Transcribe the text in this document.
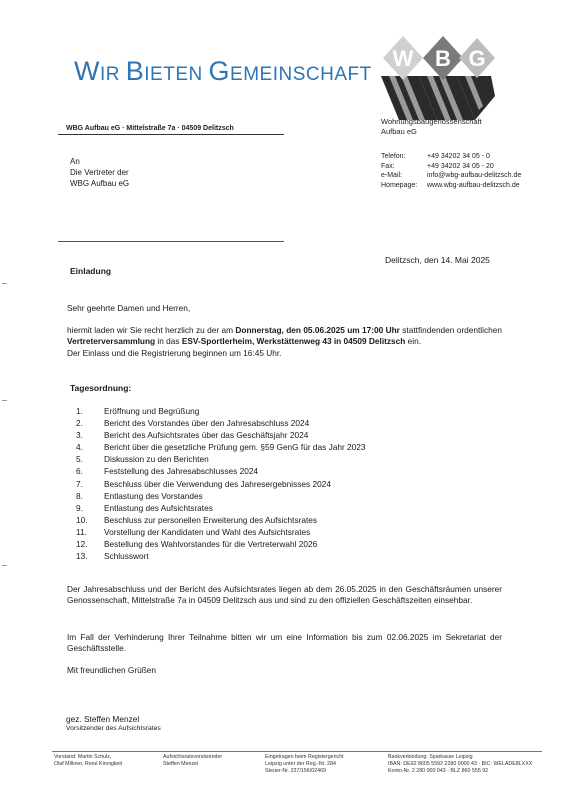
WIR BIETEN GEMEINSCHAFT
W B G
WBG Aufbau eG · Mittelstraße 7a · 04509 Delitzsch
Wohnungsbaugenossenschaft
Aufbau eG
Telefon:	+49 34202 34 05 - 0
Fax:	+49 34202 34 05 - 20
e-Mail:	info@wbg-aufbau-delitzsch.de
Homepage:	www.wbg-aufbau-delitzsch.de
An
Die Vertreter der
WBG Aufbau eG
Delitzsch, den 14. Mai 2025
Einladung
Sehr geehrte Damen und Herren,
hiermit laden wir Sie recht herzlich zu der am Donnerstag, den 05.06.2025 um 17:00 Uhr stattfindenden ordentlichen Vertreterversammlung in das ESV-Sportlerheim, Werkstättenweg 43 in 04509 Delitzsch ein.
Der Einlass und die Registrierung beginnen um 16:45 Uhr.
Tagesordnung:
1.	Eröffnung und Begrüßung
2.	Bericht des Vorstandes über den Jahresabschluss 2024
3.	Bericht des Aufsichtsrates über das Geschäftsjahr 2024
4.	Bericht über die gesetzliche Prüfung gem. §59 GenG für das Jahr 2023
5.	Diskussion zu den Berichten
6.	Feststellung des Jahresabschlusses 2024
7.	Beschluss über die Verwendung des Jahresergebnisses 2024
8.	Entlastung des Vorstandes
9.	Entlastung des Aufsichtsrates
10.	Beschluss zur personellen Erweiterung des Aufsichtsrates
11.	Vorstellung der Kandidaten und Wahl des Aufsichtsrates
12.	Bestellung des Wahlvorstandes für die Vertreterwahl 2026
13.	Schlusswort
Der Jahresabschluss und der Bericht des Aufsichtsrates liegen ab dem 26.05.2025 in den Geschäftsräumen unserer Genossenschaft, Mittelstraße 7a in 04509 Delitzsch aus und sind zu den offiziellen Geschäftszeiten einsehbar.
Im Fall der Verhinderung Ihrer Teilnahme bitten wir um eine Information bis zum 02.06.2025 im Sekretariat der Geschäftsstelle.
Mit freundlichen Grüßen
gez. Steffen Menzel
Vorsitzender des Aufsichtsrates
Vorstand: Martin Schulz,
Olaf Milkner, René Kinnigkeit
Aufsichtsratsvorsitzender
Steffen Menzel
Eingetragen beim Registergericht
Leipzig unter der Reg.-Nr. 284
Steuer-Nr. 237/156/02469
Bankverbindung: Sparkasse Leipzig
IBAN: DE92 8605 5592 2280 0000 43 · BIC: WELADE8LXXX
Konto-Nr. 2 280 000 043 · BLZ 860 555 92
